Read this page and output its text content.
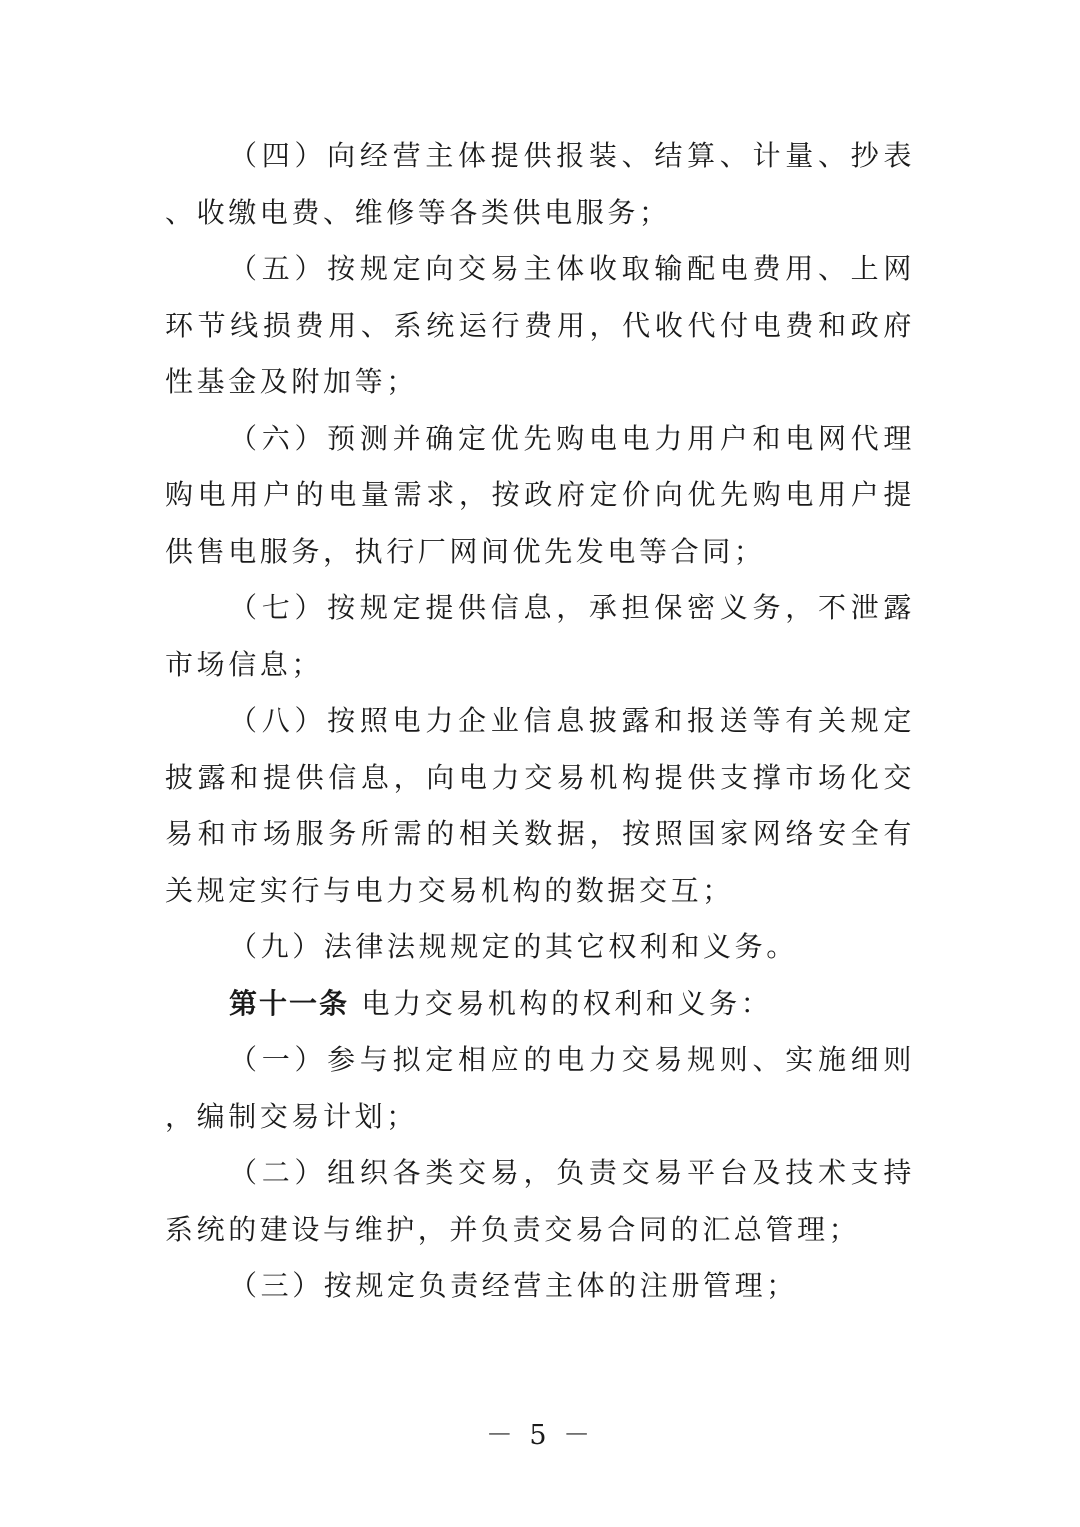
（四）向经营主体提供报装、结算、计量、抄表、收缴电费、维修等各类供电服务；

（五）按规定向交易主体收取输配电费用、上网环节线损费用、系统运行费用，代收代付电费和政府性基金及附加等；

（六）预测并确定优先购电电力用户和电网代理购电用户的电量需求，按政府定价向优先购电用户提供售电服务，执行厂网间优先发电等合同；

（七）按规定提供信息，承担保密义务，不泄露市场信息；

（八）按照电力企业信息披露和报送等有关规定披露和提供信息，向电力交易机构提供支撑市场化交易和市场服务所需的相关数据，按照国家网络安全有关规定实行与电力交易机构的数据交互；

（九）法律法规规定的其它权利和义务。

第十一条 电力交易机构的权利和义务：

（一）参与拟定相应的电力交易规则、实施细则，编制交易计划；

（二）组织各类交易，负责交易平台及技术支持系统的建设与维护，并负责交易合同的汇总管理；

（三）按规定负责经营主体的注册管理；

－ 5 －
